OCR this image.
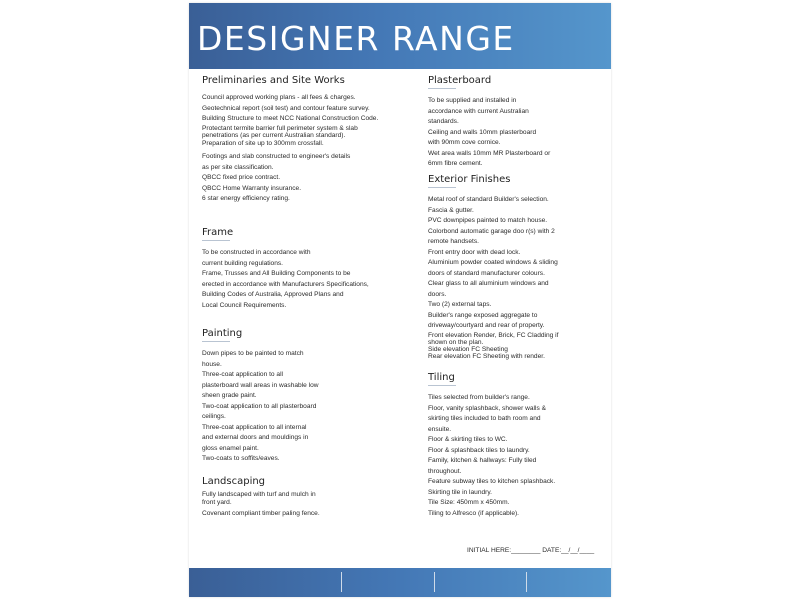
DESIGNER RANGE
Preliminaries and Site Works
Council approved working plans - all fees & charges.
Geotechnical report (soil test) and contour feature survey.
Building Structure to meet NCC National Construction Code.
Protectant termite barrier full perimeter system & slab
penetrations (as per current Australian standard).
Preparation of site up to 300mm crossfall.
Footings and slab constructed to engineer's details
as per site classification.
QBCC fixed price contract.
QBCC Home Warranty insurance.
6 star energy efficiency rating.
Frame
To be constructed in accordance with
current building regulations.
Frame, Trusses and All Building Components to be
erected in accordance with Manufacturers Specifications,
Building Codes of Australia, Approved Plans and
Local Council Requirements.
Painting
Down pipes to be painted to match
house.
Three-coat application to all
plasterboard wall areas in washable low
sheen grade paint.
Two-coat application to all plasterboard
ceilings.
Three-coat application to all internal
and external doors and mouldings in
gloss enamel paint.
Two-coats to soffits/eaves.
Landscaping
Fully landscaped with turf and mulch in
front yard.
Covenant compliant timber paling fence.
Plasterboard
To be supplied and installed in
accordance with current Australian
standards.
Ceiling and walls 10mm plasterboard
with 90mm cove cornice.
Wet area walls 10mm MR Plasterboard or
6mm fibre cement.
Exterior Finishes
Metal roof of standard Builder's selection.
Fascia & gutter.
PVC downpipes painted to match house.
Colorbond automatic garage doo r(s) with 2
remote handsets.
Front entry door with dead lock.
Aluminium powder coated windows & sliding
doors of standard manufacturer colours.
Clear glass to all aluminium windows and
doors.
Two (2) external taps.
Builder's range exposed aggregate to
driveway/courtyard and rear of property.
Front elevation Render, Brick, FC Cladding if
shown on the plan.
Side elevation FC Sheeting
Rear elevation FC Sheeting with render.
Tiling
Tiles selected from builder's range.
Floor, vanity splashback, shower walls &
skirting tiles included to bath room and
ensuite.
Floor & skirting tiles to WC.
Floor & splashback tiles to laundry.
Family, kitchen & hallways: Fully tiled
throughout.
Feature subway tiles to kitchen splashback.
Skirting tile in laundry.
Tile Size: 450mm x 450mm.
Tiling to Alfresco (if applicable).
INITIAL HERE:________ DATE:__/__/____
